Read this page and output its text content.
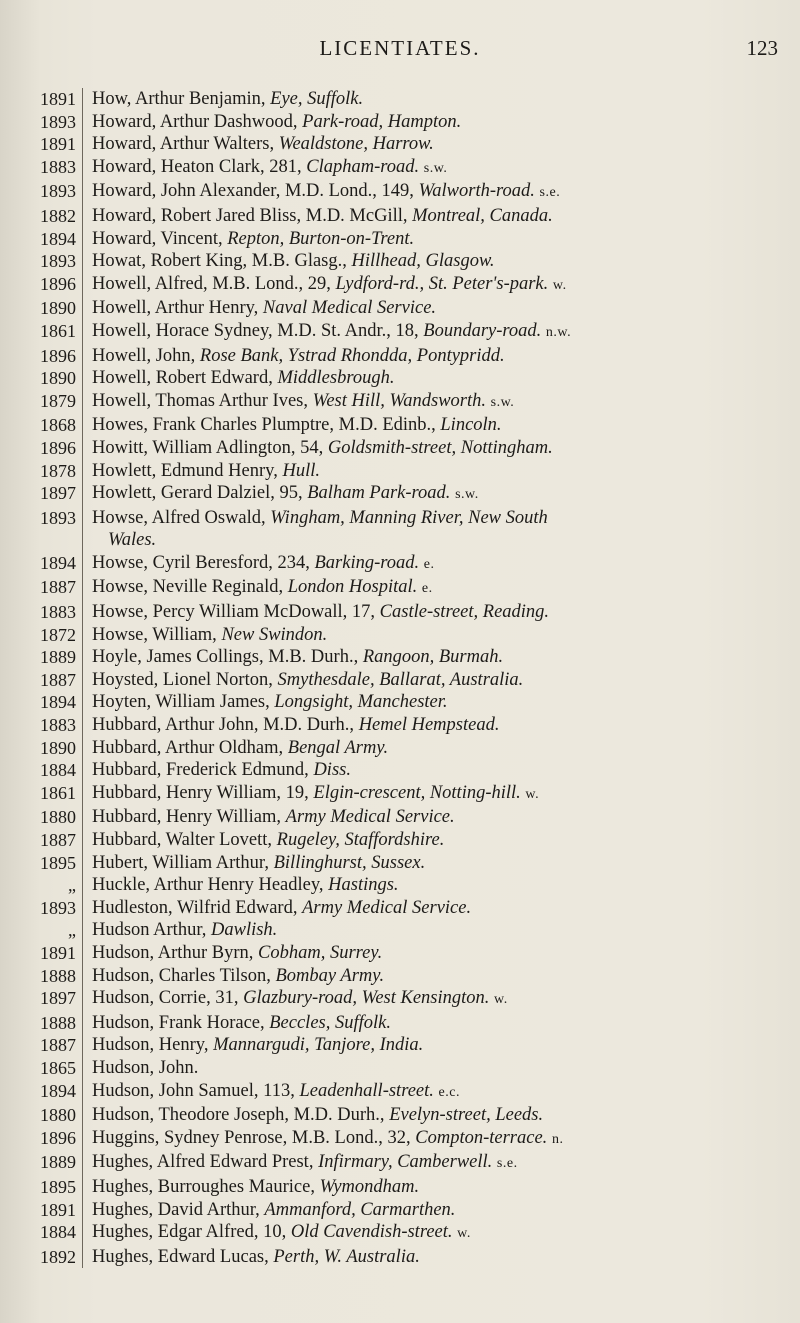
LICENTIATES.	123
1891 How, Arthur Benjamin, Eye, Suffolk.
1893 Howard, Arthur Dashwood, Park-road, Hampton.
1891 Howard, Arthur Walters, Wealdstone, Harrow.
1883 Howard, Heaton Clark, 281, Clapham-road. s.w.
1893 Howard, John Alexander, M.D. Lond., 149, Walworth-road. s.e.
1882 Howard, Robert Jared Bliss, M.D. McGill, Montreal, Canada.
1894 Howard, Vincent, Repton, Burton-on-Trent.
1893 Howat, Robert King, M.B. Glasg., Hillhead, Glasgow.
1896 Howell, Alfred, M.B. Lond., 29, Lydford-rd., St. Peter's-park. w.
1890 Howell, Arthur Henry, Naval Medical Service.
1861 Howell, Horace Sydney, M.D. St. Andr., 18, Boundary-road. n.w.
1896 Howell, John, Rose Bank, Ystrad Rhondda, Pontypridd.
1890 Howell, Robert Edward, Middlesbrough.
1879 Howell, Thomas Arthur Ives, West Hill, Wandsworth. s.w.
1868 Howes, Frank Charles Plumptre, M.D. Edinb., Lincoln.
1896 Howitt, William Adlington, 54, Goldsmith-street, Nottingham.
1878 Howlett, Edmund Henry, Hull.
1897 Howlett, Gerard Dalziel, 95, Balham Park-road. s.w.
1893 Howse, Alfred Oswald, Wingham, Manning River, New South
Wales.
1894 Howse, Cyril Beresford, 234, Barking-road. e.
1887 Howse, Neville Reginald, London Hospital. e.
1883 Howse, Percy William McDowall, 17, Castle-street, Reading.
1872 Howse, William, New Swindon.
1889 Hoyle, James Collings, M.B. Durh., Rangoon, Burmah.
1887 Hoysted, Lionel Norton, Smythesdale, Ballarat, Australia.
1894 Hoyten, William James, Longsight, Manchester.
1883 Hubbard, Arthur John, M.D. Durh., Hemel Hempstead.
1890 Hubbard, Arthur Oldham, Bengal Army.
1884 Hubbard, Frederick Edmund, Diss.
1861 Hubbard, Henry William, 19, Elgin-crescent, Notting-hill. w.
1880 Hubbard, Henry William, Army Medical Service.
1887 Hubbard, Walter Lovett, Rugeley, Staffordshire.
1895 Hubert, William Arthur, Billinghurst, Sussex.
„ Huckle, Arthur Henry Headley, Hastings.
1893 Hudleston, Wilfrid Edward, Army Medical Service.
„ Hudson Arthur, Dawlish.
1891 Hudson, Arthur Byrn, Cobham, Surrey.
1888 Hudson, Charles Tilson, Bombay Army.
1897 Hudson, Corrie, 31, Glazbury-road, West Kensington. w.
1888 Hudson, Frank Horace, Beccles, Suffolk.
1887 Hudson, Henry, Mannargudi, Tanjore, India.
1865 Hudson, John.
1894 Hudson, John Samuel, 113, Leadenhall-street. e.c.
1880 Hudson, Theodore Joseph, M.D. Durh., Evelyn-street, Leeds.
1896 Huggins, Sydney Penrose, M.B. Lond., 32, Compton-terrace. n.
1889 Hughes, Alfred Edward Prest, Infirmary, Camberwell. s.e.
1895 Hughes, Burroughes Maurice, Wymondham.
1891 Hughes, David Arthur, Ammanford, Carmarthen.
1884 Hughes, Edgar Alfred, 10, Old Cavendish-street. w.
1892 Hughes, Edward Lucas, Perth, W. Australia.
